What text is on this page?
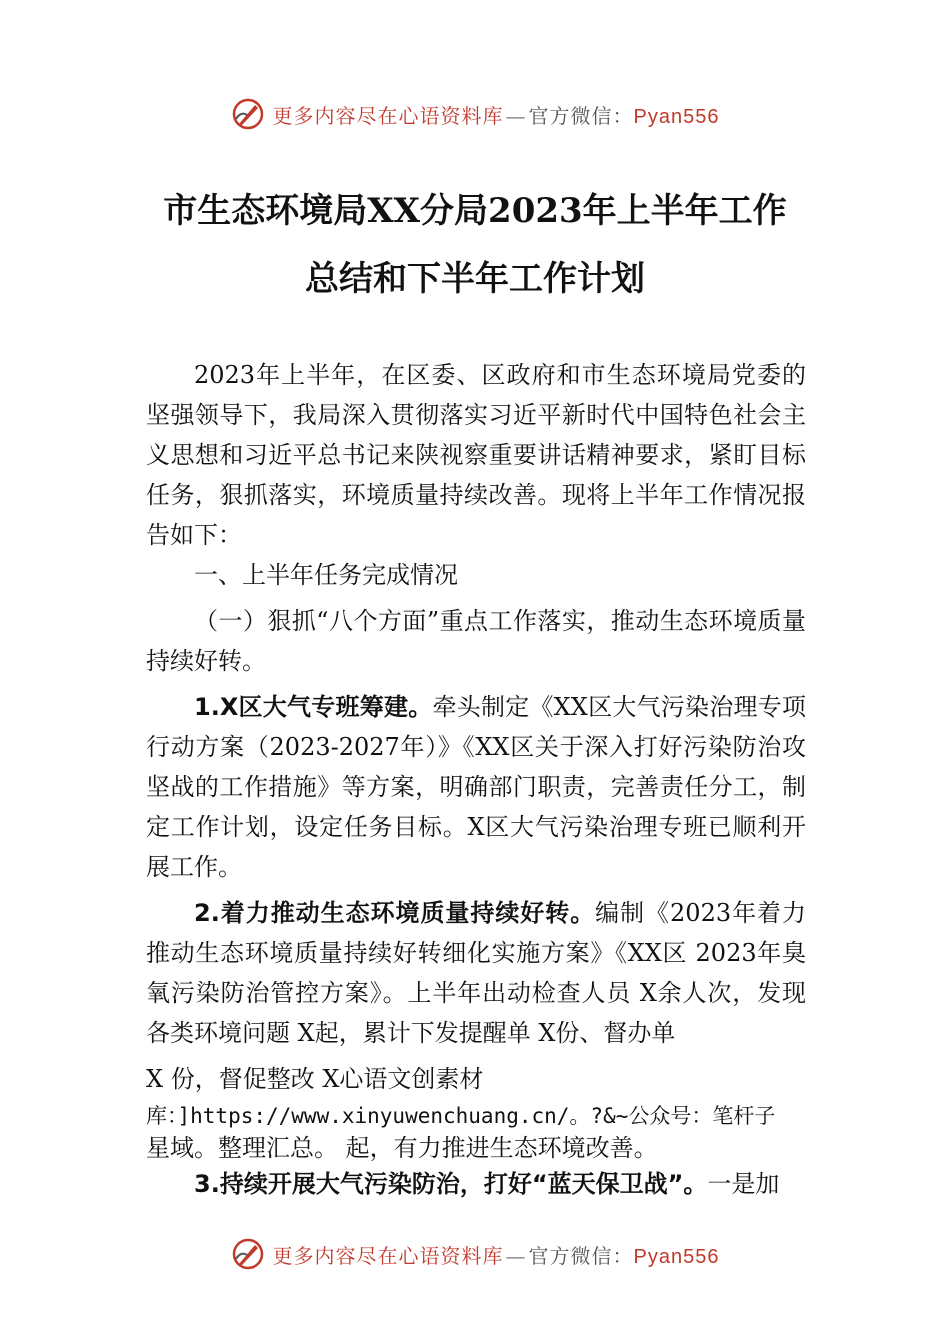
更多内容尽在心语资料库 — 官方微信：Pyan556
市生态环境局XX分局2023年上半年工作
总结和下半年工作计划

2023年上半年，在区委、区政府和市生态环境局党委的坚强领导下，我局深入贯彻落实习近平新时代中国特色社会主义思想和习近平总书记来陕视察重要讲话精神要求，紧盯目标任务，狠抓落实，环境质量持续改善。现将上半年工作情况报告如下：

一、上半年任务完成情况

（一）狠抓“八个方面”重点工作落实，推动生态环境质量持续好转。

1.X区大气专班筹建。牵头制定《XX区大气污染治理专项行动方案（2023-2027年）》《XX区关于深入打好污染防治攻坚战的工作措施》等方案，明确部门职责，完善责任分工，制定工作计划，设定任务目标。X区大气污染治理专班已顺利开展工作。

2.着力推动生态环境质量持续好转。编制《2023年着力推动生态环境质量持续好转细化实施方案》《XX区 2023年臭氧污染防治管控方案》。上半年出动检查人员 X余人次，发现各类环境问题 X起，累计下发提醒单 X份、督办单

X 份，督促整改 X心语文创素材

库：]https://www.xinyuwenchuang.cn/。?&~公众号：笔杆子

星域。整理汇总。 起，有力推进生态环境改善。

3.持续开展大气污染防治，打好“蓝天保卫战”。一是加

更多内容尽在心语资料库 — 官方微信：Pyan556
